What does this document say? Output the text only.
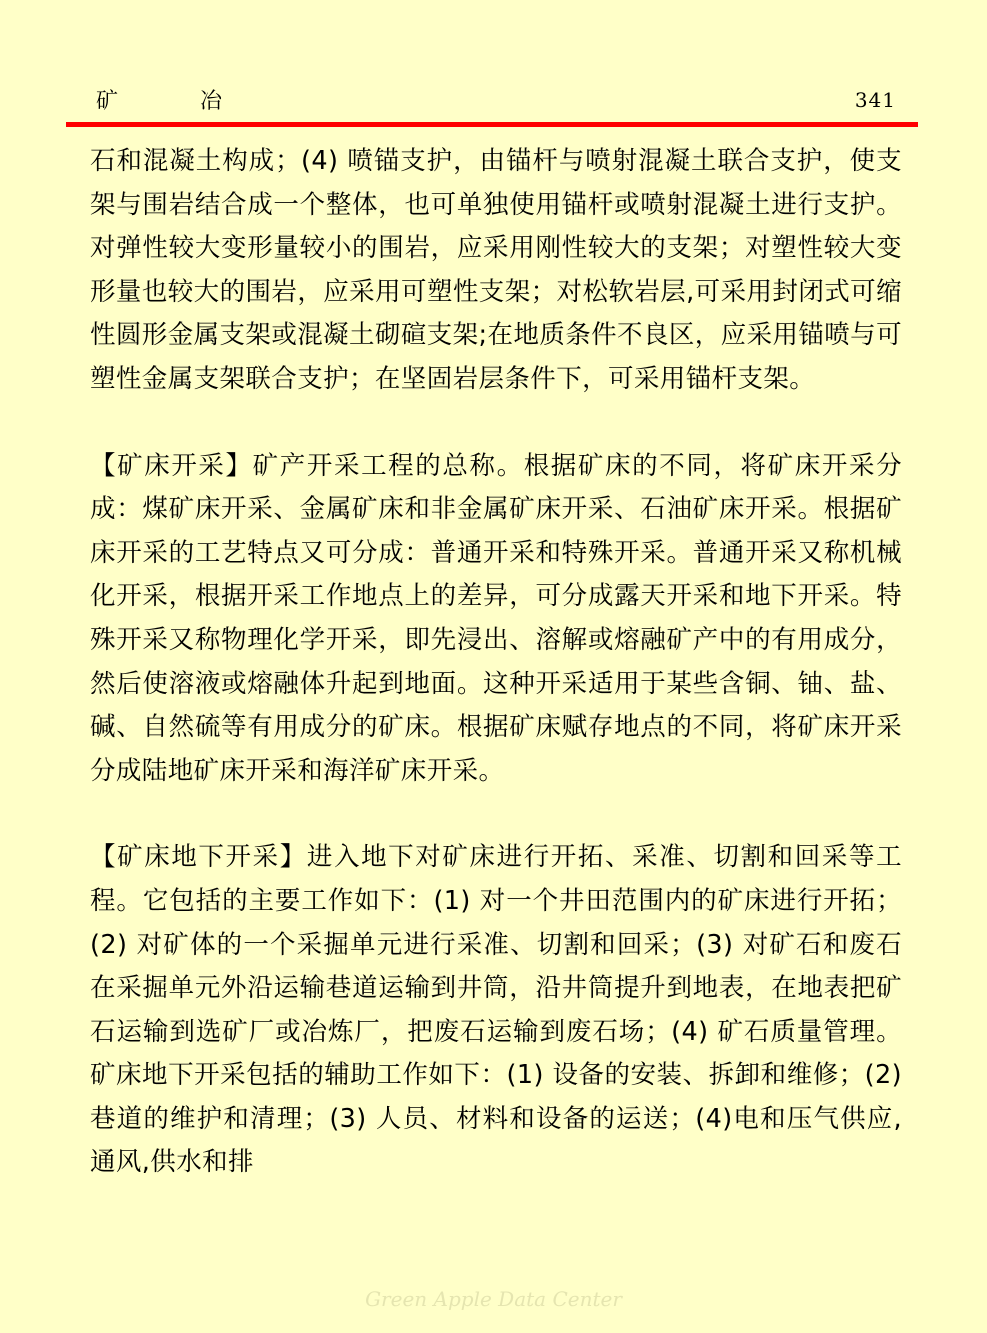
矿	冶	341

石和混凝土构成；(4) 喷锚支护，由锚杆与喷射混凝土联合支护，使支架与围岩结合成一个整体，也可单独使用锚杆或喷射混凝土进行支护。对弹性较大变形量较小的围岩，应采用刚性较大的支架；对塑性较大变形量也较大的围岩，应采用可塑性支架；对松软岩层,可采用封闭式可缩性圆形金属支架或混凝土砌碹支架;在地质条件不良区，应采用锚喷与可塑性金属支架联合支护；在坚固岩层条件下，可采用锚杆支架。

【矿床开采】矿产开采工程的总称。根据矿床的不同，将矿床开采分成：煤矿床开采、金属矿床和非金属矿床开采、石油矿床开采。根据矿床开采的工艺特点又可分成：普通开采和特殊开采。普通开采又称机械化开采，根据开采工作地点上的差异，可分成露天开采和地下开采。特殊开采又称物理化学开采，即先浸出、溶解或熔融矿产中的有用成分，然后使溶液或熔融体升起到地面。这种开采适用于某些含铜、铀、盐、碱、自然硫等有用成分的矿床。根据矿床赋存地点的不同，将矿床开采分成陆地矿床开采和海洋矿床开采。

【矿床地下开采】进入地下对矿床进行开拓、采准、切割和回采等工程。它包括的主要工作如下：(1) 对一个井田范围内的矿床进行开拓；(2) 对矿体的一个采掘单元进行采准、切割和回采；(3) 对矿石和废石在采掘单元外沿运输巷道运输到井筒，沿井筒提升到地表，在地表把矿石运输到选矿厂或冶炼厂，把废石运输到废石场；(4) 矿石质量管理。矿床地下开采包括的辅助工作如下：(1) 设备的安装、拆卸和维修；(2) 巷道的维护和清理；(3) 人员、材料和设备的运送；(4)电和压气供应,通风,供水和排

Green Apple Data Center
